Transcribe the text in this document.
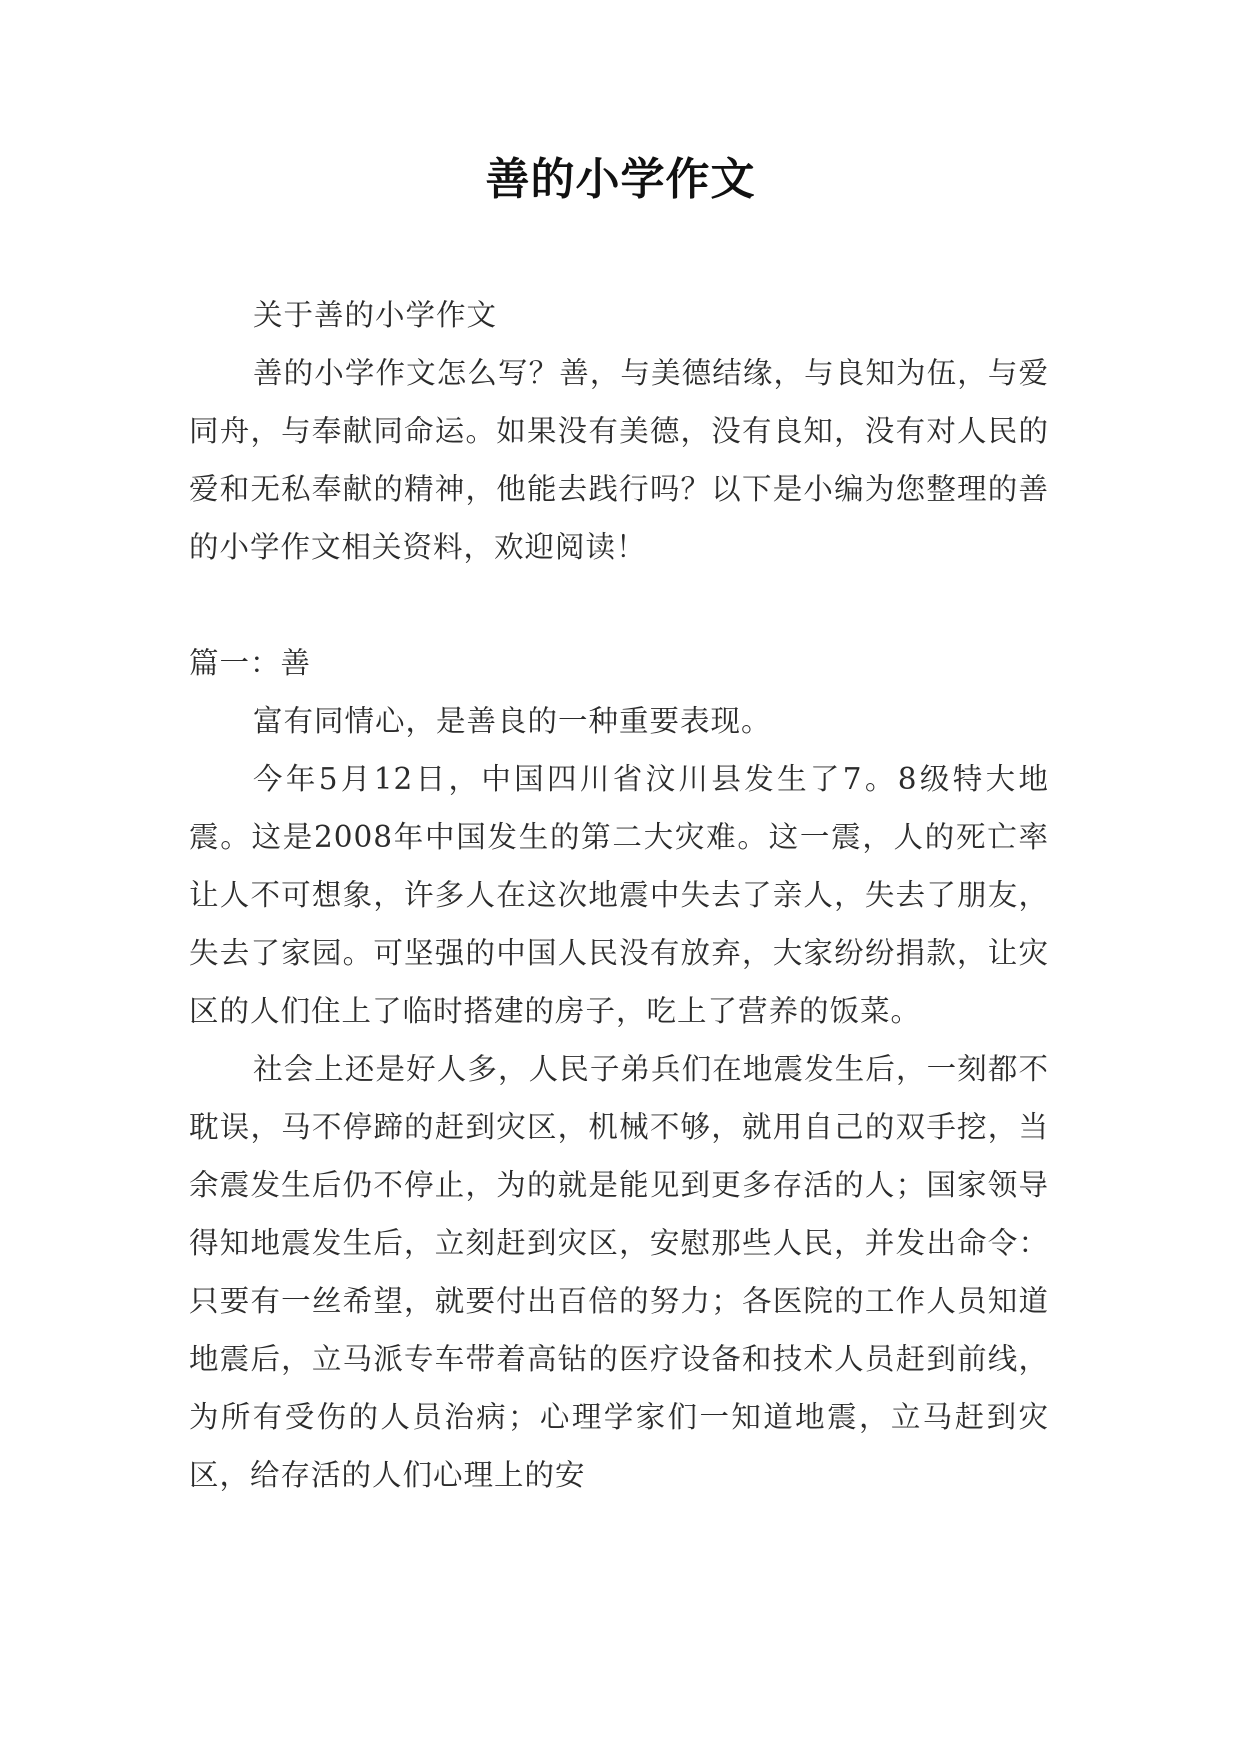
善的小学作文

关于善的小学作文

善的小学作文怎么写？善，与美德结缘，与良知为伍，与爱同舟，与奉献同命运。如果没有美德，没有良知，没有对人民的爱和无私奉献的精神，他能去践行吗？以下是小编为您整理的善的小学作文相关资料，欢迎阅读！

篇一：善

富有同情心，是善良的一种重要表现。

今年5月12日，中国四川省汶川县发生了7。8级特大地震。这是2008年中国发生的第二大灾难。这一震，人的死亡率让人不可想象，许多人在这次地震中失去了亲人，失去了朋友，失去了家园。可坚强的中国人民没有放弃，大家纷纷捐款，让灾区的人们住上了临时搭建的房子，吃上了营养的饭菜。

社会上还是好人多，人民子弟兵们在地震发生后，一刻都不耽误，马不停蹄的赶到灾区，机械不够，就用自己的双手挖，当余震发生后仍不停止，为的就是能见到更多存活的人；国家领导得知地震发生后，立刻赶到灾区，安慰那些人民，并发出命令：只要有一丝希望，就要付出百倍的努力；各医院的工作人员知道地震后，立马派专车带着高钻的医疗设备和技术人员赶到前线，为所有受伤的人员治病；心理学家们一知道地震，立马赶到灾区，给存活的人们心理上的安
